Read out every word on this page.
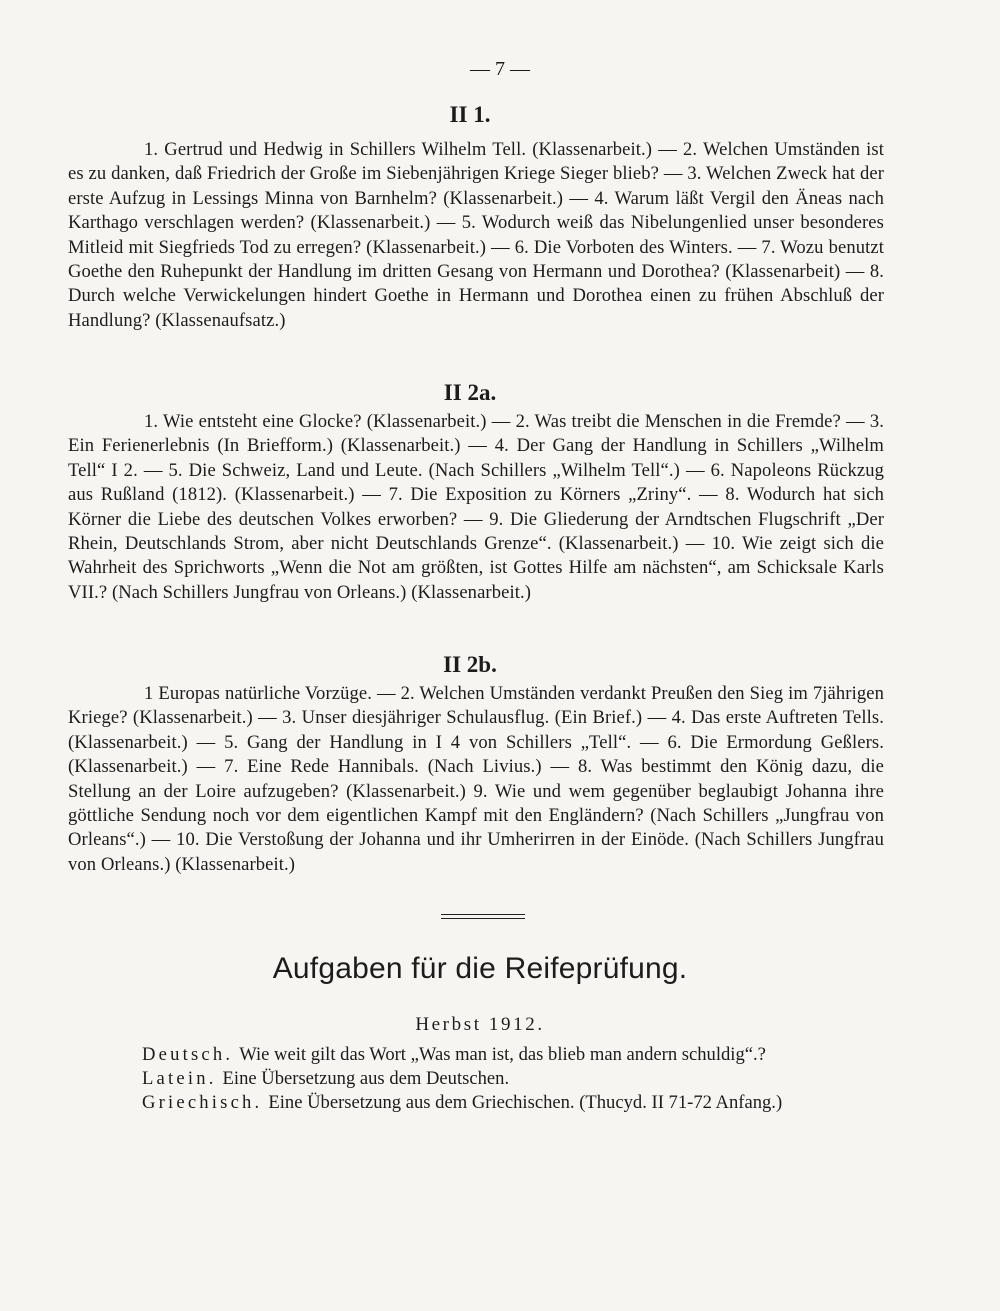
— 7 —
II 1.
1. Gertrud und Hedwig in Schillers Wilhelm Tell. (Klassenarbeit.) — 2. Welchen Umständen ist es zu danken, daß Friedrich der Große im Siebenjährigen Kriege Sieger blieb? — 3. Welchen Zweck hat der erste Aufzug in Lessings Minna von Barnhelm? (Klassenarbeit.) — 4. Warum läßt Vergil den Äneas nach Karthago verschlagen werden? (Klassenarbeit.) — 5. Wodurch weiß das Nibelungenlied unser besonderes Mitleid mit Siegfrieds Tod zu erregen? (Klassenarbeit.) — 6. Die Vorboten des Winters. — 7. Wozu benutzt Goethe den Ruhepunkt der Handlung im dritten Gesang von Hermann und Dorothea? (Klassenarbeit) — 8. Durch welche Verwickelungen hindert Goethe in Hermann und Dorothea einen zu frühen Abschluß der Handlung? (Klassenaufsatz.)
II 2a.
1. Wie entsteht eine Glocke? (Klassenarbeit.) — 2. Was treibt die Menschen in die Fremde? — 3. Ein Ferienerlebnis (In Briefform.) (Klassenarbeit.) — 4. Der Gang der Handlung in Schillers „Wilhelm Tell“ I 2. — 5. Die Schweiz, Land und Leute. (Nach Schillers „Wilhelm Tell“.) — 6. Napoleons Rückzug aus Rußland (1812). (Klassenarbeit.) — 7. Die Exposition zu Körners „Zriny“. — 8. Wodurch hat sich Körner die Liebe des deutschen Volkes erworben? — 9. Die Gliederung der Arndtschen Flugschrift „Der Rhein, Deutschlands Strom, aber nicht Deutschlands Grenze“. (Klassenarbeit.) — 10. Wie zeigt sich die Wahrheit des Sprichworts „Wenn die Not am größten, ist Gottes Hilfe am nächsten“, am Schicksale Karls VII.? (Nach Schillers Jungfrau von Orleans.) (Klassenarbeit.)
II 2b.
1 Europas natürliche Vorzüge. — 2. Welchen Umständen verdankt Preußen den Sieg im 7jährigen Kriege? (Klassenarbeit.) — 3. Unser diesjähriger Schulausflug. (Ein Brief.) — 4. Das erste Auftreten Tells. (Klassenarbeit.) — 5. Gang der Handlung in I 4 von Schillers „Tell“. — 6. Die Ermordung Geßlers. (Klassenarbeit.) — 7. Eine Rede Hannibals. (Nach Livius.) — 8. Was bestimmt den König dazu, die Stellung an der Loire aufzugeben? (Klassenarbeit.) 9. Wie und wem gegenüber beglaubigt Johanna ihre göttliche Sendung noch vor dem eigentlichen Kampf mit den Engländern? (Nach Schillers „Jungfrau von Orleans“.) — 10. Die Verstoßung der Johanna und ihr Umherirren in der Einöde. (Nach Schillers Jungfrau von Orleans.) (Klassenarbeit.)
Aufgaben für die Reifeprüfung.
Herbst 1912.
Deutsch. Wie weit gilt das Wort „Was man ist, das blieb man andern schuldig“.?
Latein. Eine Übersetzung aus dem Deutschen.
Griechisch. Eine Übersetzung aus dem Griechischen. (Thucyd. II 71-72 Anfang.)
